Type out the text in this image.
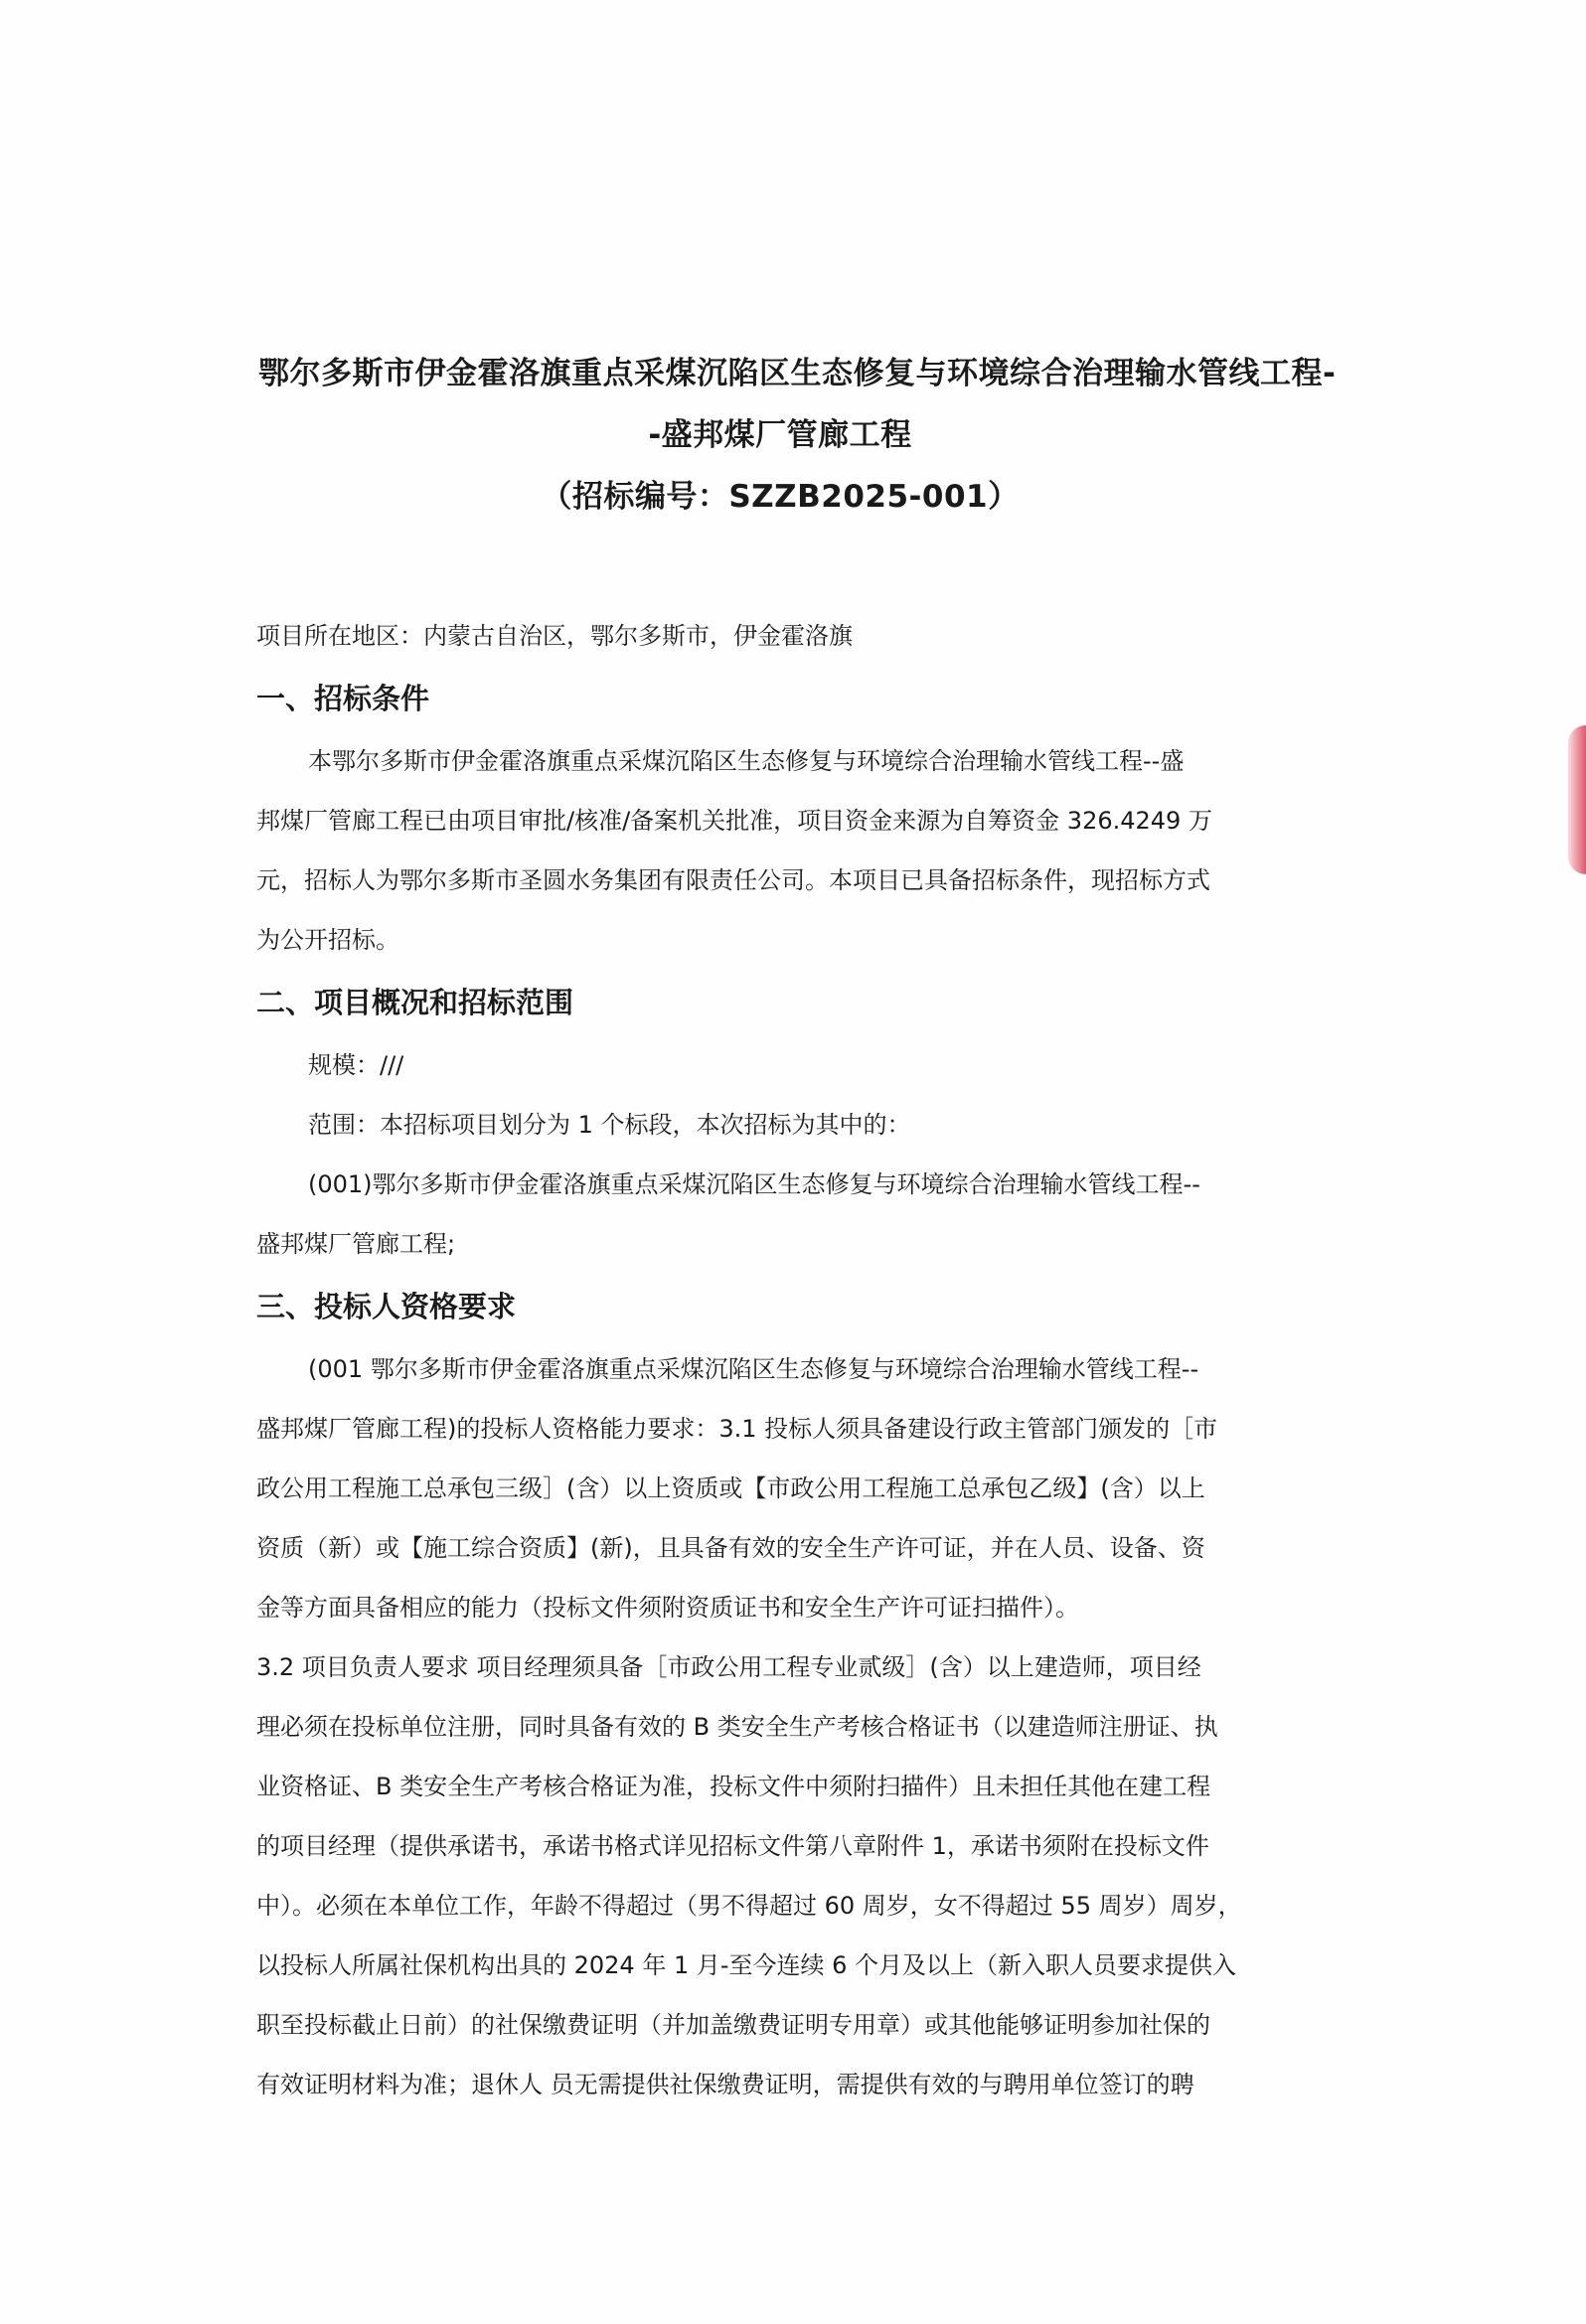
鄂尔多斯市伊金霍洛旗重点采煤沉陷区生态修复与环境综合治理输水管线工程-
-盛邦煤厂管廊工程
（招标编号：SZZB2025-001）
项目所在地区：内蒙古自治区，鄂尔多斯市，伊金霍洛旗
一、招标条件
本鄂尔多斯市伊金霍洛旗重点采煤沉陷区生态修复与环境综合治理输水管线工程--盛
邦煤厂管廊工程已由项目审批/核准/备案机关批准，项目资金来源为自筹资金 326.4249 万
元，招标人为鄂尔多斯市圣圆水务集团有限责任公司。本项目已具备招标条件，现招标方式
为公开招标。
二、项目概况和招标范围
规模：///
范围：本招标项目划分为 1 个标段，本次招标为其中的：
(001)鄂尔多斯市伊金霍洛旗重点采煤沉陷区生态修复与环境综合治理输水管线工程--
盛邦煤厂管廊工程;
三、投标人资格要求
(001 鄂尔多斯市伊金霍洛旗重点采煤沉陷区生态修复与环境综合治理输水管线工程--
盛邦煤厂管廊工程)的投标人资格能力要求：3.1 投标人须具备建设行政主管部门颁发的［市
政公用工程施工总承包三级］(含）以上资质或【市政公用工程施工总承包乙级】(含）以上
资质（新）或【施工综合资质】(新)，且具备有效的安全生产许可证，并在人员、设备、资
金等方面具备相应的能力（投标文件须附资质证书和安全生产许可证扫描件）。
3.2 项目负责人要求 项目经理须具备［市政公用工程专业贰级］(含）以上建造师，项目经
理必须在投标单位注册，同时具备有效的 B 类安全生产考核合格证书（以建造师注册证、执
业资格证、B 类安全生产考核合格证为准，投标文件中须附扫描件）且未担任其他在建工程
的项目经理（提供承诺书，承诺书格式详见招标文件第八章附件 1，承诺书须附在投标文件
中）。必须在本单位工作，年龄不得超过（男不得超过 60 周岁，女不得超过 55 周岁）周岁，
以投标人所属社保机构出具的 2024 年 1 月-至今连续 6 个月及以上（新入职人员要求提供入
职至投标截止日前）的社保缴费证明（并加盖缴费证明专用章）或其他能够证明参加社保的
有效证明材料为准；退休人 员无需提供社保缴费证明，需提供有效的与聘用单位签订的聘
